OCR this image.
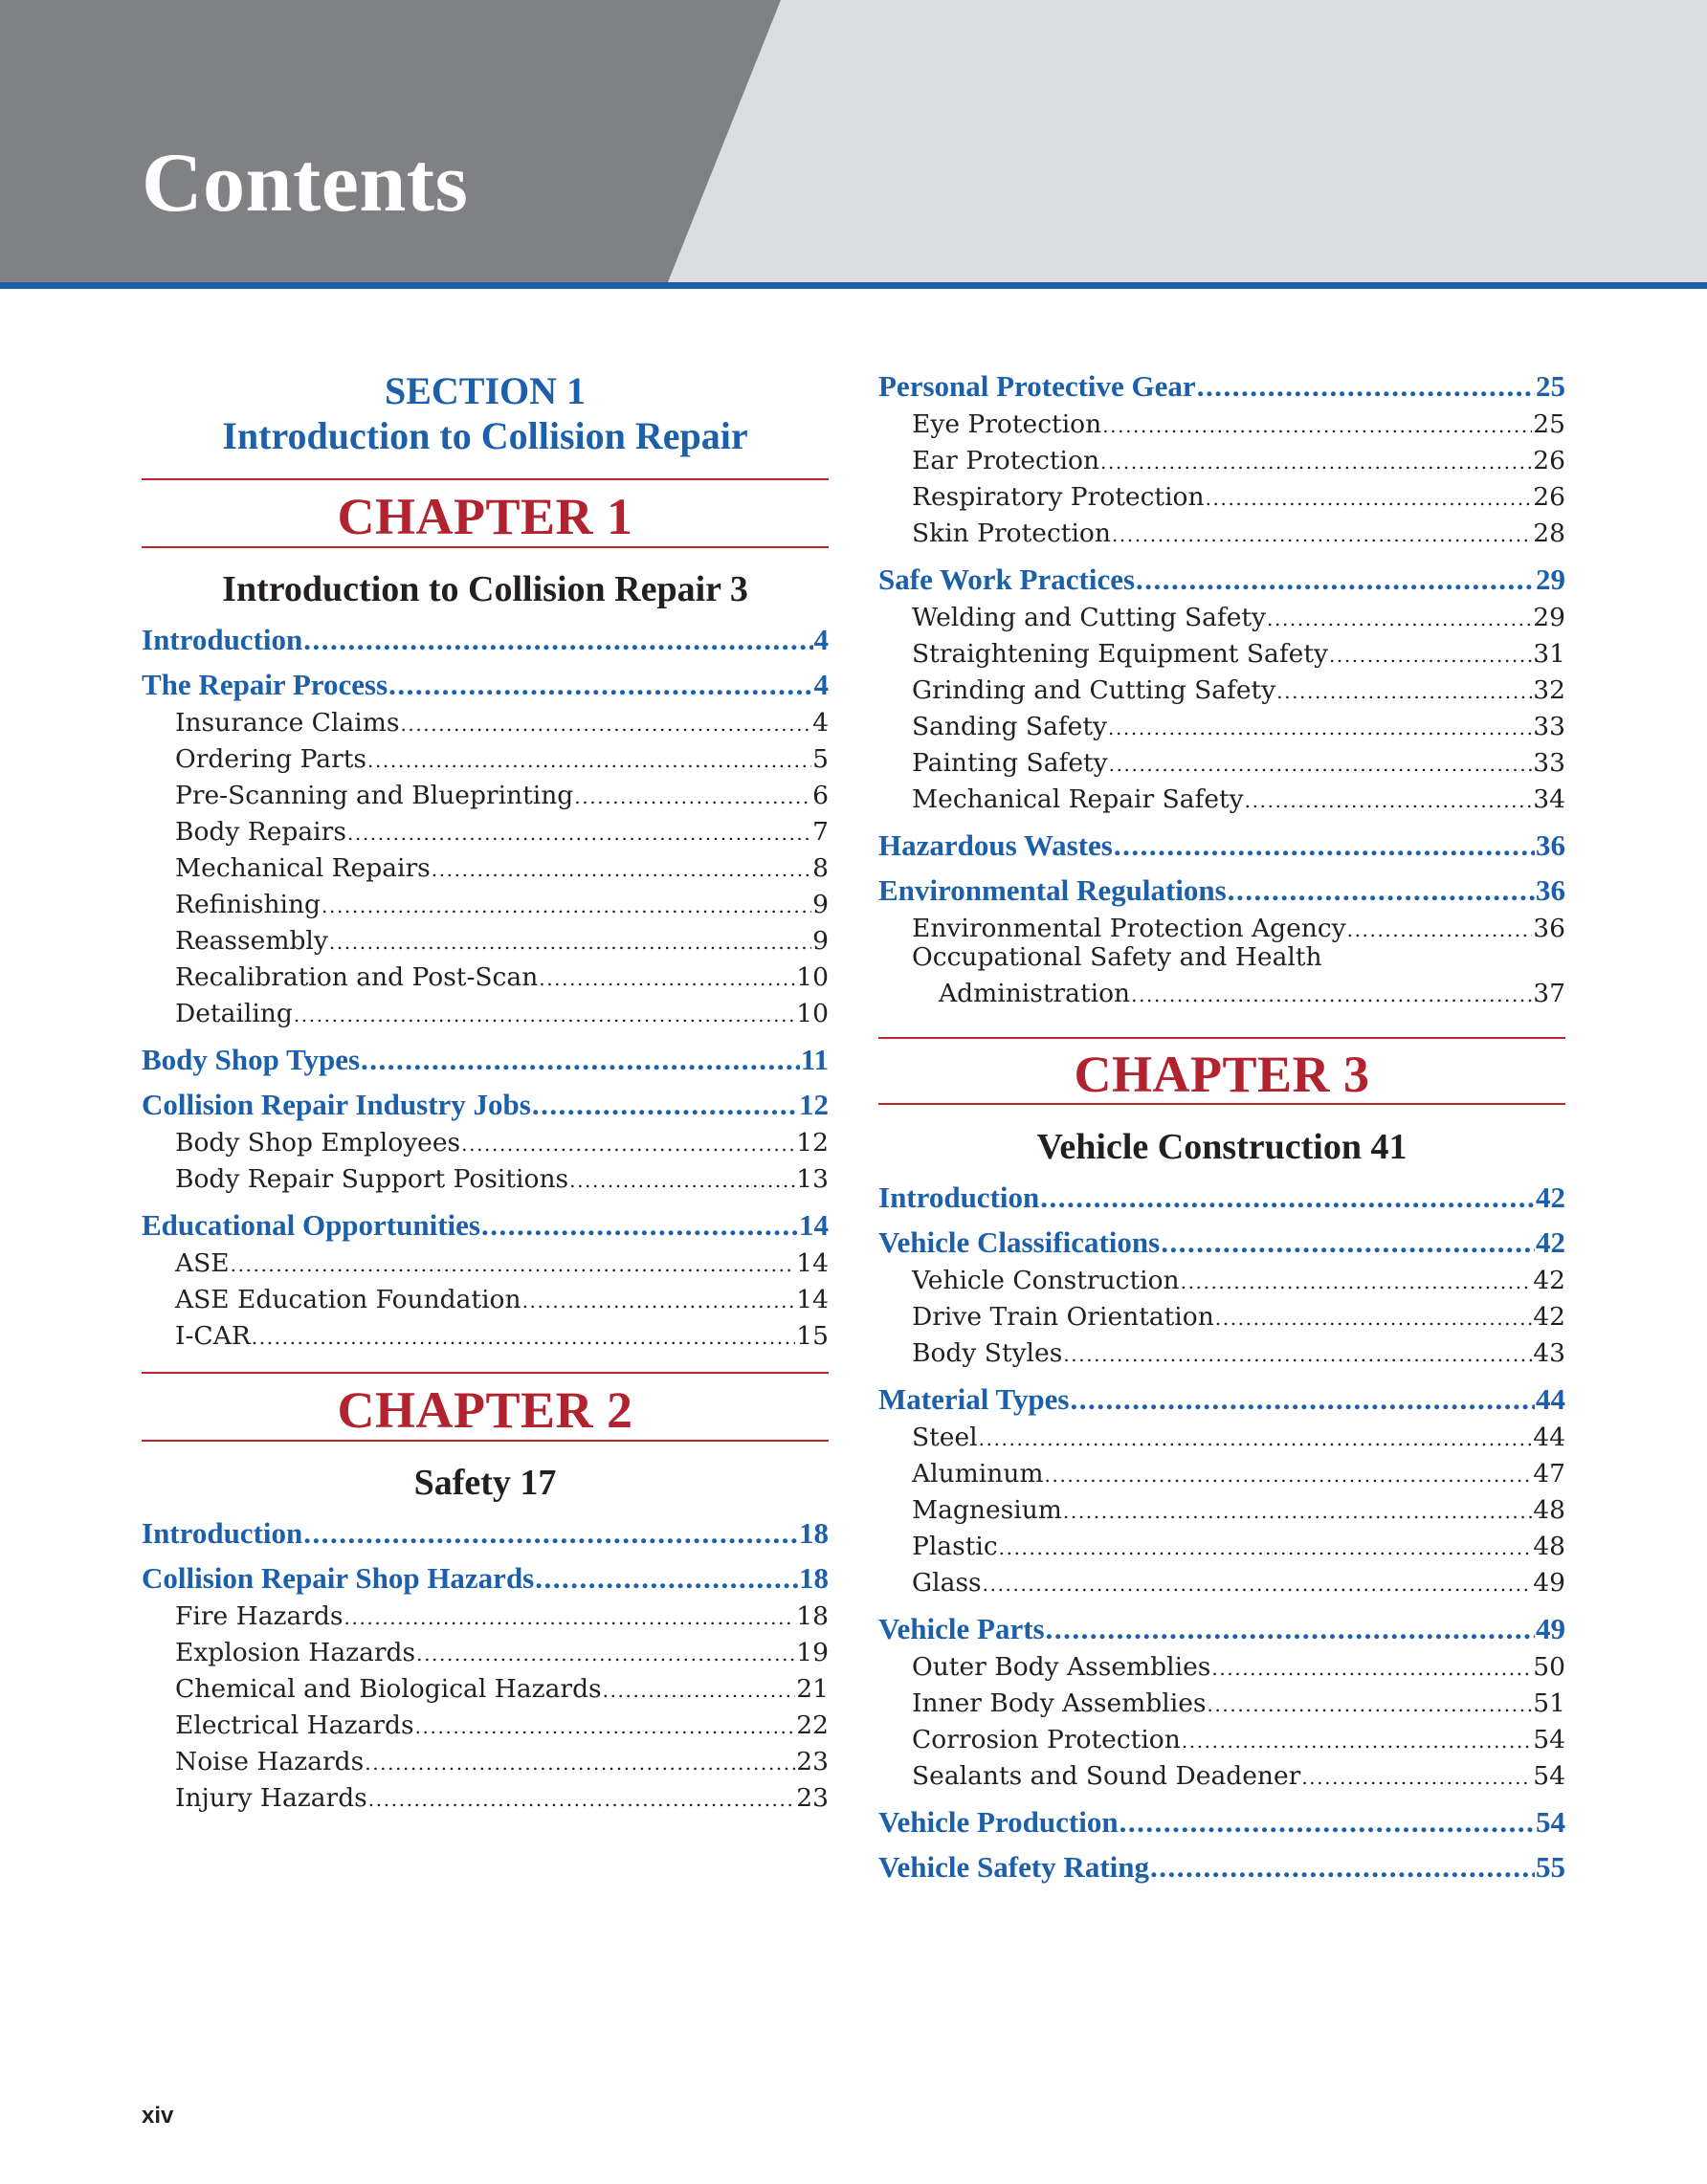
Contents
SECTION 1
Introduction to Collision Repair
CHAPTER 1
Introduction to Collision Repair 3
Introduction .....	4
The Repair Process .....	4
Insurance Claims .....	4
Ordering Parts .....	5
Pre-Scanning and Blueprinting .....	6
Body Repairs .....	7
Mechanical Repairs .....	8
Refinishing .....	9
Reassembly .....	9
Recalibration and Post-Scan .....	10
Detailing .....	10
Body Shop Types .....	11
Collision Repair Industry Jobs .....	12
Body Shop Employees .....	12
Body Repair Support Positions .....	13
Educational Opportunities .....	14
ASE .....	14
ASE Education Foundation .....	14
I-CAR .....	15
CHAPTER 2
Safety 17
Introduction .....	18
Collision Repair Shop Hazards .....	18
Fire Hazards .....	18
Explosion Hazards .....	19
Chemical and Biological Hazards .....	21
Electrical Hazards .....	22
Noise Hazards .....	23
Injury Hazards .....	23
Personal Protective Gear .....	25
Eye Protection .....	25
Ear Protection .....	26
Respiratory Protection .....	26
Skin Protection .....	28
Safe Work Practices .....	29
Welding and Cutting Safety .....	29
Straightening Equipment Safety .....	31
Grinding and Cutting Safety .....	32
Sanding Safety .....	33
Painting Safety .....	33
Mechanical Repair Safety .....	34
Hazardous Wastes .....	36
Environmental Regulations .....	36
Environmental Protection Agency .....	36
Occupational Safety and Health
Administration .....	37
CHAPTER 3
Vehicle Construction 41
Introduction .....	42
Vehicle Classifications .....	42
Vehicle Construction .....	42
Drive Train Orientation .....	42
Body Styles .....	43
Material Types .....	44
Steel .....	44
Aluminum .....	47
Magnesium .....	48
Plastic .....	48
Glass .....	49
Vehicle Parts .....	49
Outer Body Assemblies .....	50
Inner Body Assemblies .....	51
Corrosion Protection .....	54
Sealants and Sound Deadener .....	54
Vehicle Production .....	54
Vehicle Safety Rating .....	55
xiv
